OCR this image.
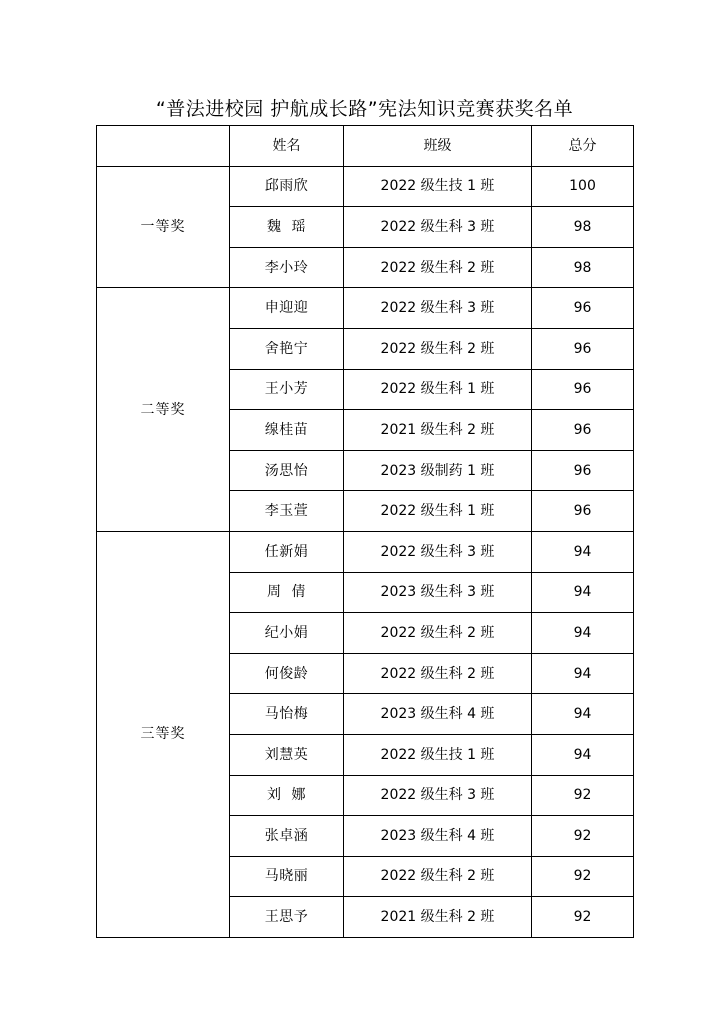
“普法进校园 护航成长路”宪法知识竞赛获奖名单
	姓名	班级	总分
一等奖	邱雨欣	2022 级生技 1 班	100
	魏  瑶	2022 级生科 3 班	98
	李小玲	2022 级生科 2 班	98
二等奖	申迎迎	2022 级生科 3 班	96
	舍艳宁	2022 级生科 2 班	96
	王小芳	2022 级生科 1 班	96
	缐桂苗	2021 级生科 2 班	96
	汤思怡	2023 级制药 1 班	96
	李玉萱	2022 级生科 1 班	96
三等奖	任新娟	2022 级生科 3 班	94
	周  倩	2023 级生科 3 班	94
	纪小娟	2022 级生科 2 班	94
	何俊龄	2022 级生科 2 班	94
	马怡梅	2023 级生科 4 班	94
	刘慧英	2022 级生技 1 班	94
	刘  娜	2022 级生科 3 班	92
	张卓涵	2023 级生科 4 班	92
	马晓丽	2022 级生科 2 班	92
	王思予	2021 级生科 2 班	92
